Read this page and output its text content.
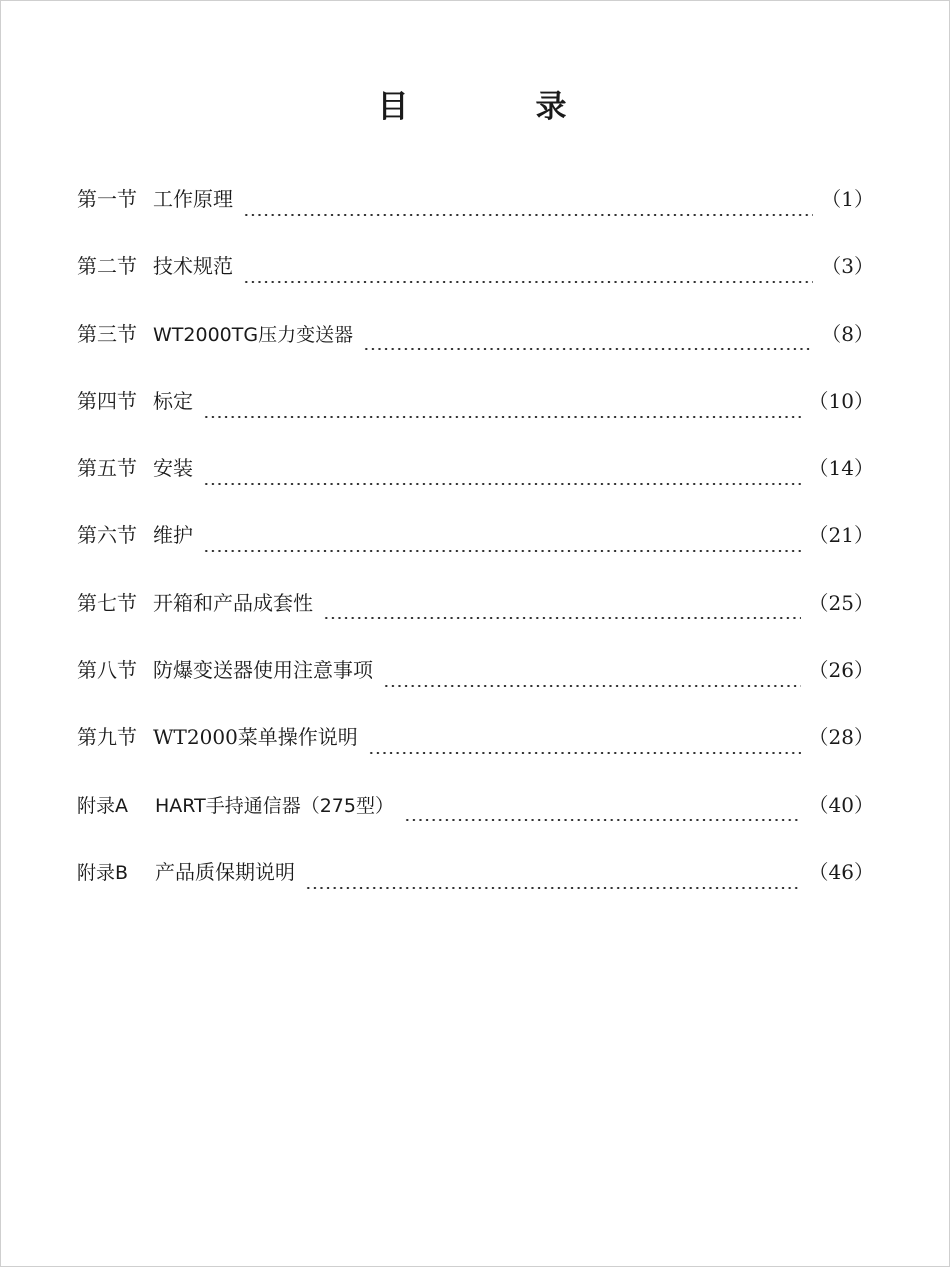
目　录
第一节 工作原理	（1）
第二节 技术规范	（3）
第三节 WT2000TG压力变送器	（8）
第四节 标定	（10）
第五节 安装	（14）
第六节 维护	（21）
第七节 开箱和产品成套性	（25）
第八节 防爆变送器使用注意事项	（26）
第九节 WT2000菜单操作说明	（28）
附录A	HART手持通信器（275型）	（40）
附录B	产品质保期说明	（46）
